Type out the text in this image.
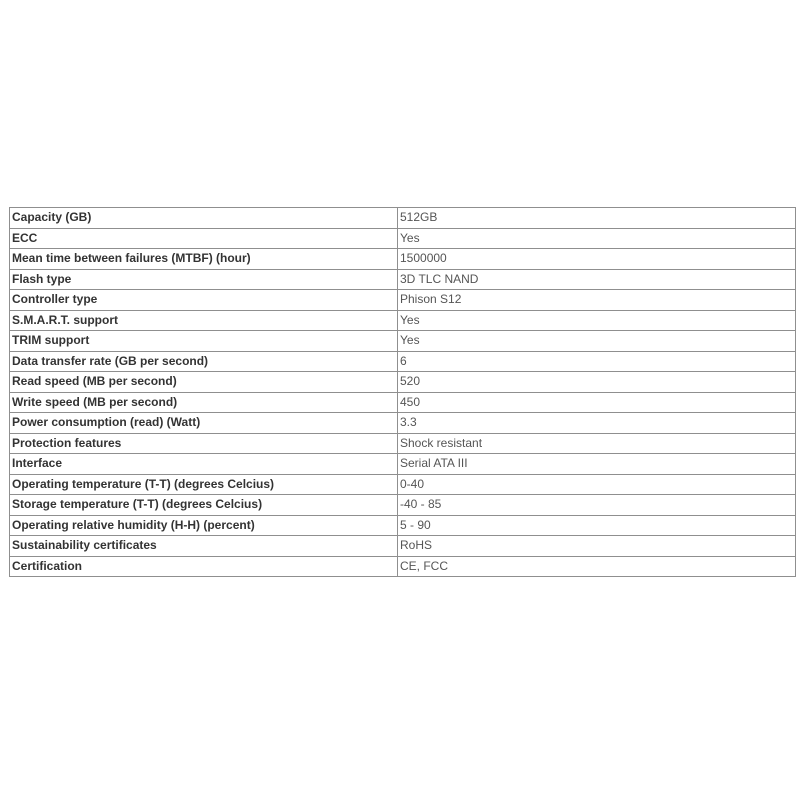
Capacity (GB)	512GB
ECC	Yes
Mean time between failures (MTBF) (hour)	1500000
Flash type	3D TLC NAND
Controller type	Phison S12
S.M.A.R.T. support	Yes
TRIM support	Yes
Data transfer rate (GB per second)	6
Read speed (MB per second)	520
Write speed (MB per second)	450
Power consumption (read) (Watt)	3.3
Protection features	Shock resistant
Interface	Serial ATA III
Operating temperature (T-T) (degrees Celcius)	0-40
Storage temperature (T-T) (degrees Celcius)	-40 - 85
Operating relative humidity (H-H) (percent)	5 - 90
Sustainability certificates	RoHS
Certification	CE, FCC
